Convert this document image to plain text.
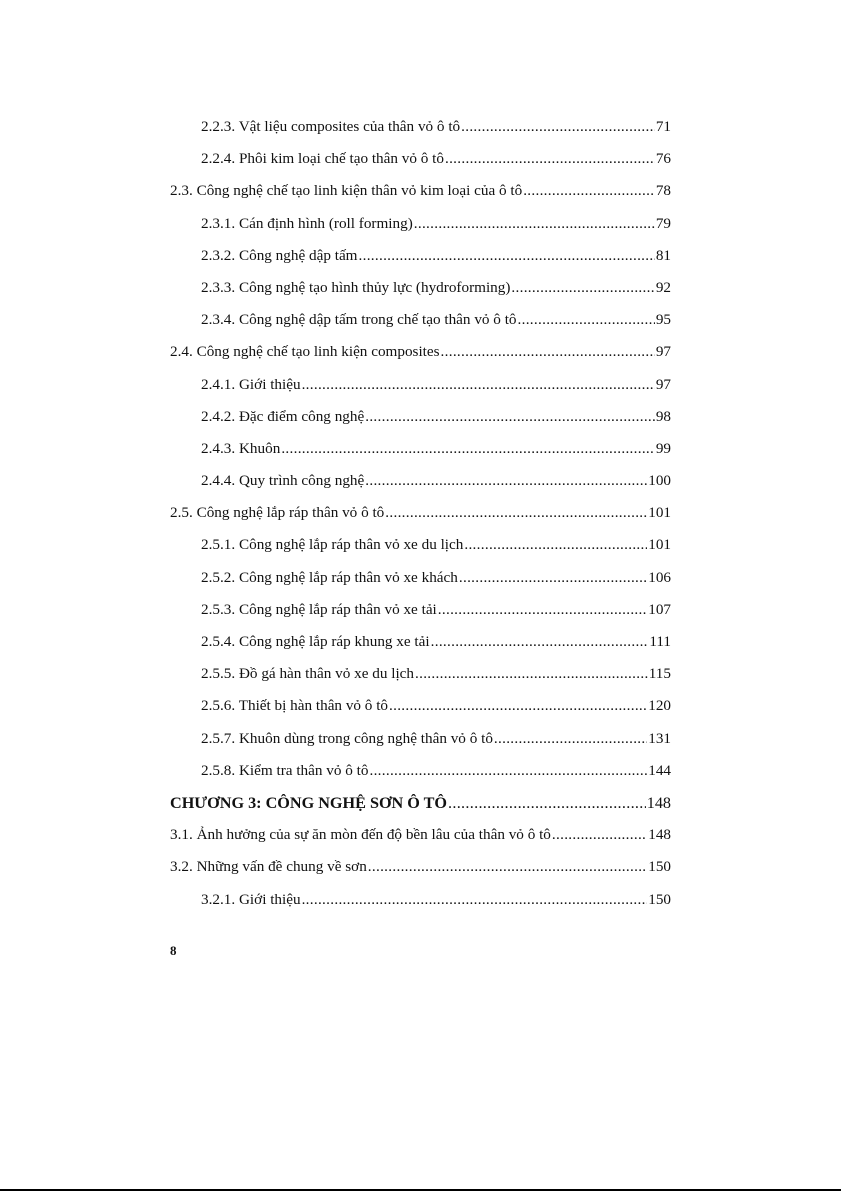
2.2.3. Vật liệu composites của thân vỏ ô tô .....	71
2.2.4. Phôi kim loại chế tạo thân vỏ ô tô .....	76
2.3. Công nghệ chế tạo linh kiện thân vỏ kim loại của ô tô .....	78
2.3.1. Cán định hình (roll forming) .....	79
2.3.2. Công nghệ dập tấm .....	81
2.3.3. Công nghệ tạo hình thủy lực (hydroforming) .....	92
2.3.4. Công nghệ dập tấm trong chế tạo thân vỏ ô tô .....	95
2.4. Công nghệ chế tạo linh kiện composites .....	97
2.4.1. Giới thiệu .....	97
2.4.2. Đặc điểm công nghệ .....	98
2.4.3. Khuôn .....	99
2.4.4. Quy trình công nghệ .....	100
2.5. Công nghệ lắp ráp thân vỏ ô tô .....	101
2.5.1. Công nghệ lắp ráp thân vỏ xe du lịch .....	101
2.5.2. Công nghệ lắp ráp thân vỏ xe khách .....	106
2.5.3. Công nghệ lắp ráp thân vỏ xe tải .....	107
2.5.4. Công nghệ lắp ráp khung xe tải .....	111
2.5.5. Đồ gá hàn thân vỏ xe du lịch .....	115
2.5.6. Thiết bị hàn thân vỏ ô tô .....	120
2.5.7. Khuôn dùng trong công nghệ thân vỏ ô tô .....	131
2.5.8. Kiểm tra thân vỏ ô tô .....	144
CHƯƠNG 3: CÔNG NGHỆ SƠN Ô TÔ .....	148
3.1. Ảnh hưởng của sự ăn mòn đến độ bền lâu của thân vỏ ô tô .....	148
3.2. Những vấn đề chung về sơn .....	150
3.2.1. Giới thiệu .....	150
8
